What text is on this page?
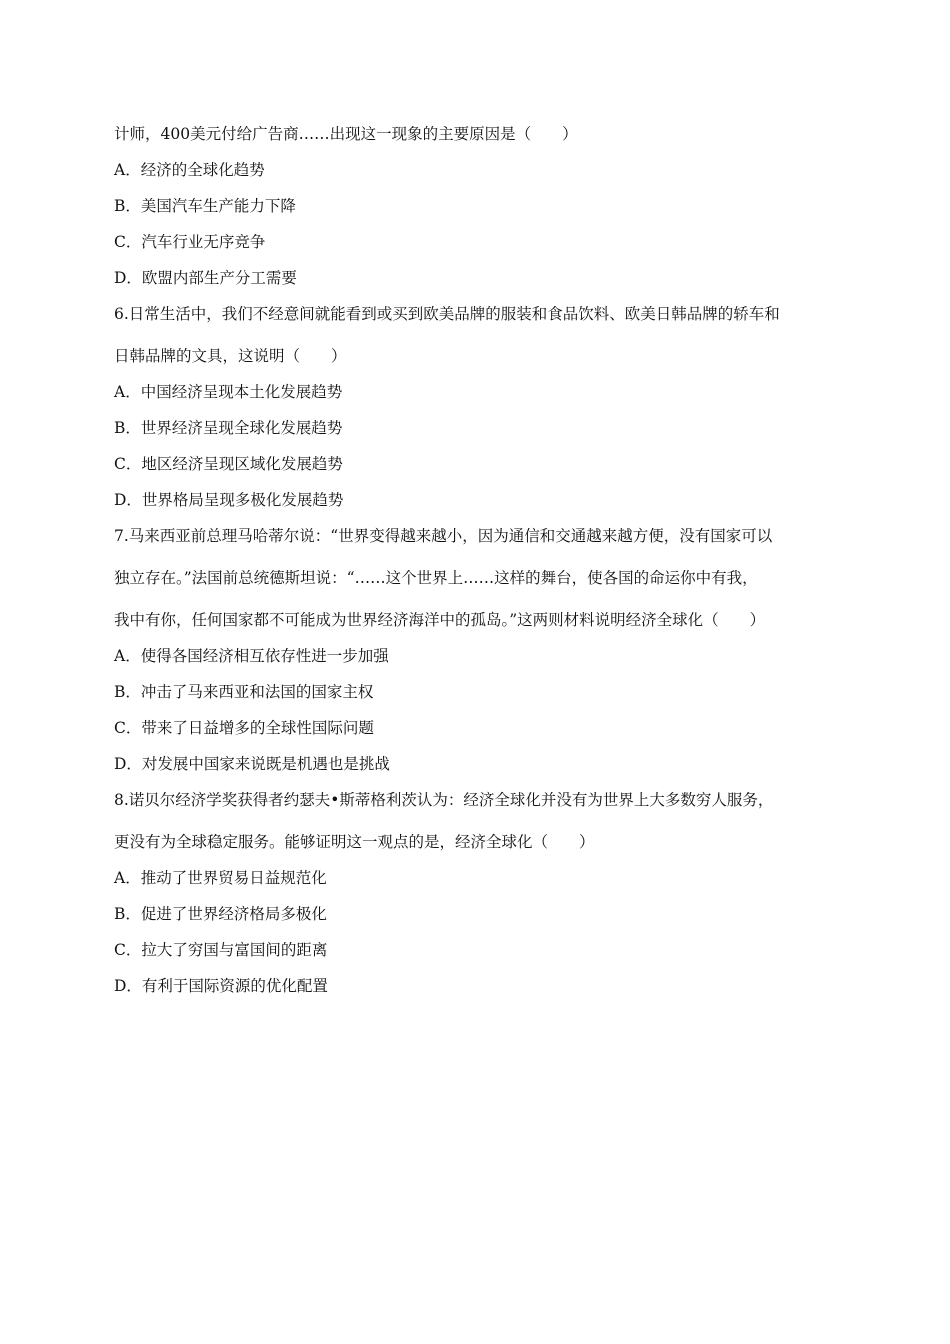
计师，400美元付给广告商……出现这一现象的主要原因是（　　）

A．经济的全球化趋势

B．美国汽车生产能力下降

C．汽车行业无序竞争

D．欧盟内部生产分工需要

6.日常生活中，我们不经意间就能看到或买到欧美品牌的服装和食品饮料、欧美日韩品牌的轿车和

日韩品牌的文具，这说明（　　）

A．中国经济呈现本土化发展趋势

B．世界经济呈现全球化发展趋势

C．地区经济呈现区域化发展趋势

D．世界格局呈现多极化发展趋势

7.马来西亚前总理马哈蒂尔说：“世界变得越来越小，因为通信和交通越来越方便，没有国家可以

独立存在。”法国前总统德斯坦说：“……这个世界上……这样的舞台，使各国的命运你中有我，

我中有你，任何国家都不可能成为世界经济海洋中的孤岛。”这两则材料说明经济全球化（　　）

A．使得各国经济相互依存性进一步加强

B．冲击了马来西亚和法国的国家主权

C．带来了日益增多的全球性国际问题

D．对发展中国家来说既是机遇也是挑战

8.诺贝尔经济学奖获得者约瑟夫•斯蒂格利茨认为：经济全球化并没有为世界上大多数穷人服务，

更没有为全球稳定服务。能够证明这一观点的是，经济全球化（　　）

A．推动了世界贸易日益规范化

B．促进了世界经济格局多极化

C．拉大了穷国与富国间的距离

D．有利于国际资源的优化配置
